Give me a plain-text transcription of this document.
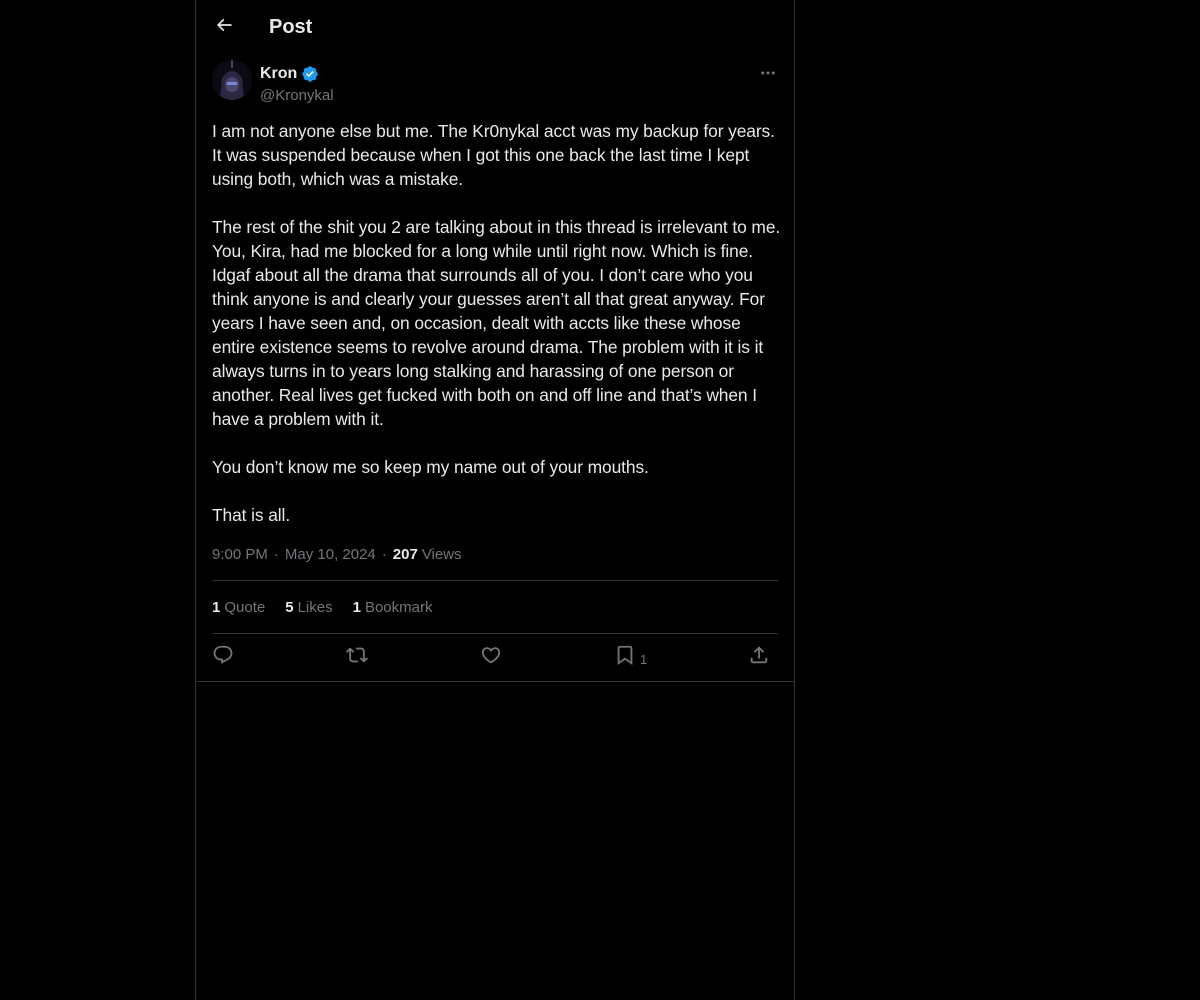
Post
Kron
@Kronykal
I am not anyone else but me. The Kr0nykal acct was my backup for years. It was suspended because when I got this one back the last time I kept using both, which was a mistake.

The rest of the shit you 2 are talking about in this thread is irrelevant to me. You, Kira, had me blocked for a long while until right now. Which is fine. Idgaf about all the drama that surrounds all of you. I don’t care who you think anyone is and clearly your guesses aren’t all that great anyway. For years I have seen and, on occasion, dealt with accts like these whose entire existence seems to revolve around drama. The problem with it is it always turns in to years long stalking and harassing of one person or another. Real lives get fucked with both on and off line and that’s when I have a problem with it.

You don’t know me so keep my name out of your mouths.

That is all.
9:00 PM · May 10, 2024 · 207 Views
1 Quote 5 Likes 1 Bookmark
1
